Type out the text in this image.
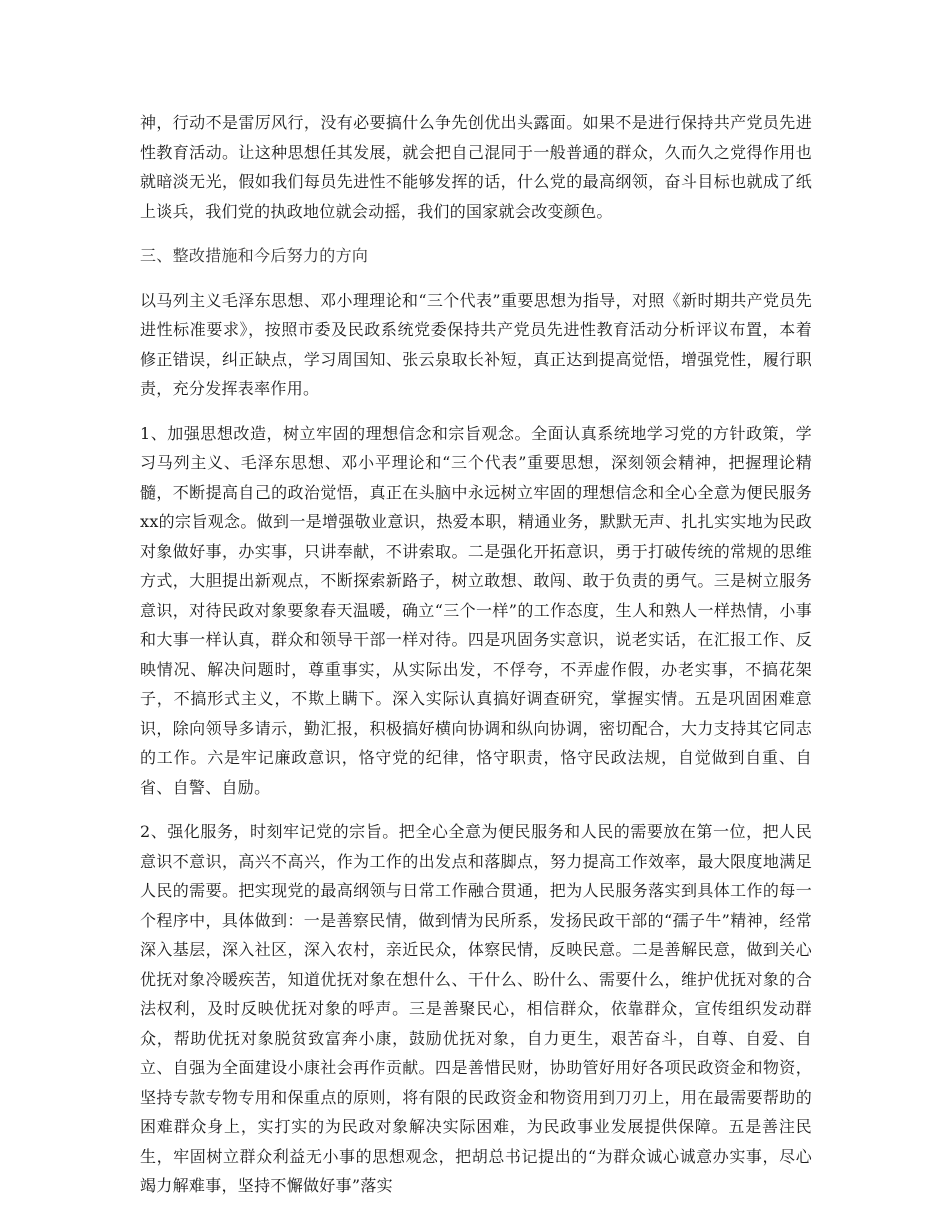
神，行动不是雷厉风行，没有必要搞什么争先创优出头露面。如果不是进行保持共产党员先进性教育活动。让这种思想任其发展，就会把自己混同于一般普通的群众，久而久之党得作用也就暗淡无光，假如我们每员先进性不能够发挥的话，什么党的最高纲领，奋斗目标也就成了纸上谈兵，我们党的执政地位就会动摇，我们的国家就会改变颜色。

三、整改措施和今后努力的方向

以马列主义毛泽东思想、邓小理理论和“三个代表”重要思想为指导，对照《新时期共产党员先进性标准要求》，按照市委及民政系统党委保持共产党员先进性教育活动分析评议布置，本着修正错误，纠正缺点，学习周国知、张云泉取长补短，真正达到提高觉悟，增强党性，履行职责，充分发挥表率作用。

1、加强思想改造，树立牢固的理想信念和宗旨观念。全面认真系统地学习党的方针政策，学习马列主义、毛泽东思想、邓小平理论和“三个代表”重要思想，深刻领会精神，把握理论精髓，不断提高自己的政治觉悟，真正在头脑中永远树立牢固的理想信念和全心全意为便民服务xx的宗旨观念。做到一是增强敬业意识，热爱本职，精通业务，默默无声、扎扎实实地为民政对象做好事，办实事，只讲奉献，不讲索取。二是强化开拓意识，勇于打破传统的常规的思维方式，大胆提出新观点，不断探索新路子，树立敢想、敢闯、敢于负责的勇气。三是树立服务意识，对待民政对象要象春天温暖，确立“三个一样”的工作态度，生人和熟人一样热情，小事和大事一样认真，群众和领导干部一样对待。四是巩固务实意识，说老实话，在汇报工作、反映情况、解决问题时，尊重事实，从实际出发，不俘夸，不弄虚作假，办老实事，不搞花架子，不搞形式主义，不欺上瞒下。深入实际认真搞好调查研究，掌握实情。五是巩固困难意识，除向领导多请示，勤汇报，积极搞好横向协调和纵向协调，密切配合，大力支持其它同志的工作。六是牢记廉政意识，恪守党的纪律，恪守职责，恪守民政法规，自觉做到自重、自省、自警、自励。

2、强化服务，时刻牢记党的宗旨。把全心全意为便民服务和人民的需要放在第一位，把人民意识不意识，高兴不高兴，作为工作的出发点和落脚点，努力提高工作效率，最大限度地满足人民的需要。把实现党的最高纲领与日常工作融合贯通，把为人民服务落实到具体工作的每一个程序中，具体做到：一是善察民情，做到情为民所系，发扬民政干部的“孺子牛”精神，经常深入基层，深入社区，深入农村，亲近民众，体察民情，反映民意。二是善解民意，做到关心优抚对象冷暖疾苦，知道优抚对象在想什么、干什么、盼什么、需要什么，维护优抚对象的合法权利，及时反映优抚对象的呼声。三是善聚民心，相信群众，依靠群众，宣传组织发动群众，帮助优抚对象脱贫致富奔小康，鼓励优抚对象，自力更生，艰苦奋斗，自尊、自爱、自立、自强为全面建设小康社会再作贡献。四是善惜民财，协助管好用好各项民政资金和物资，坚持专款专物专用和保重点的原则，将有限的民政资金和物资用到刀刃上，用在最需要帮助的困难群众身上，实打实的为民政对象解决实际困难，为民政事业发展提供保障。五是善注民生，牢固树立群众利益无小事的思想观念，把胡总书记提出的“为群众诚心诚意办实事，尽心竭力解难事，坚持不懈做好事”落实
